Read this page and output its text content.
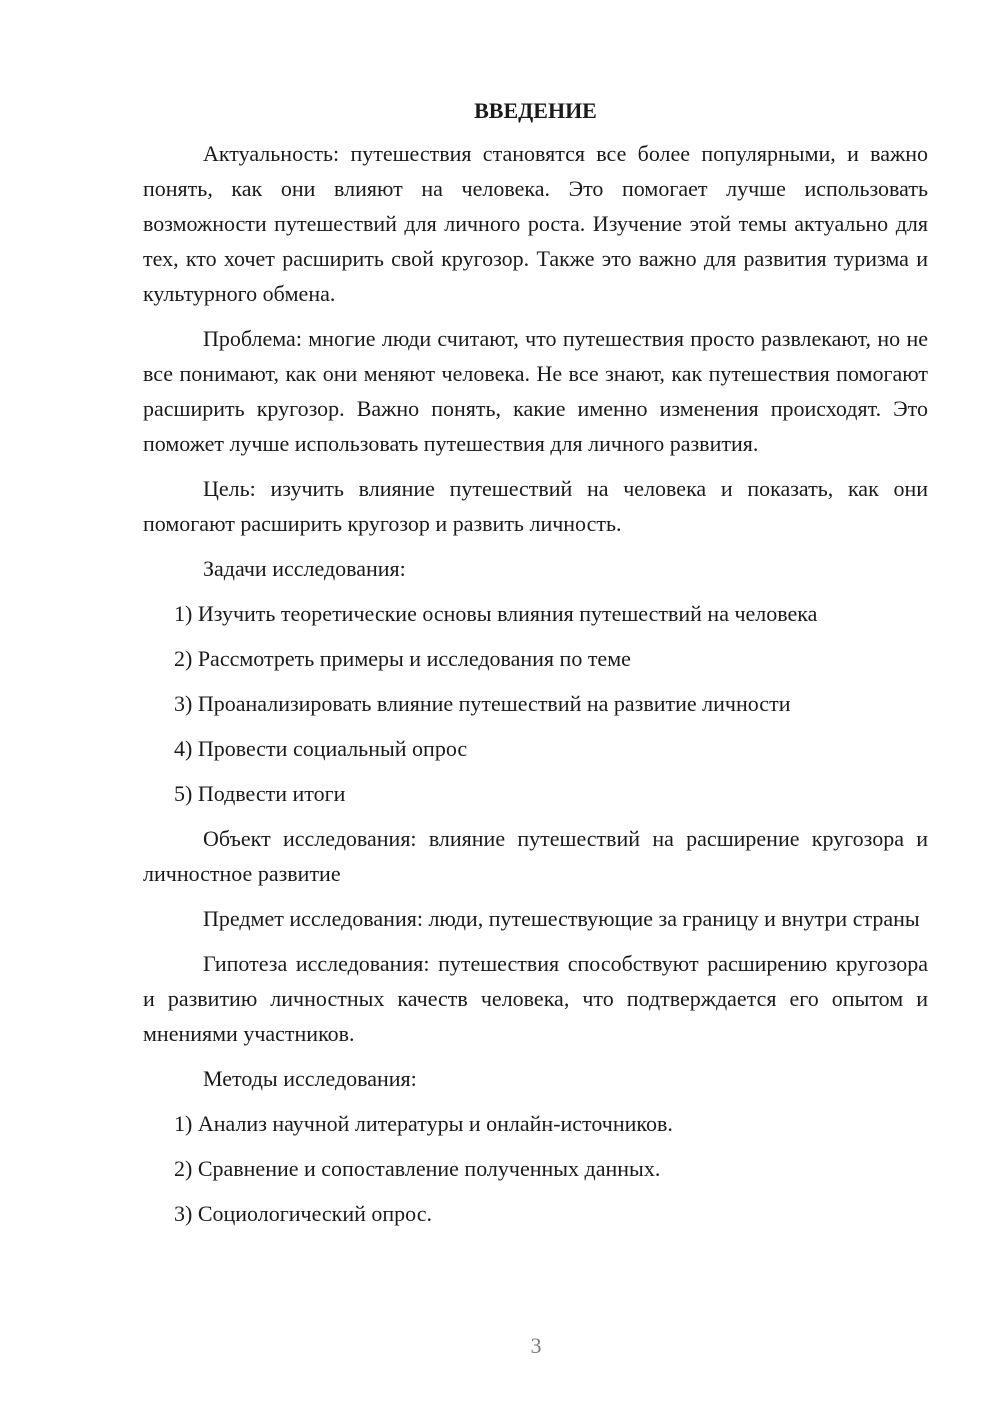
ВВЕДЕНИЕ

Актуальность: путешествия становятся все более популярными, и важно понять, как они влияют на человека. Это помогает лучше использовать возможности путешествий для личного роста. Изучение этой темы актуально для тех, кто хочет расширить свой кругозор. Также это важно для развития туризма и культурного обмена.

Проблема: многие люди считают, что путешествия просто развлекают, но не все понимают, как они меняют человека. Не все знают, как путешествия помогают расширить кругозор. Важно понять, какие именно изменения происходят. Это поможет лучше использовать путешествия для личного развития.

Цель: изучить влияние путешествий на человека и показать, как они помогают расширить кругозор и развить личность.

Задачи исследования:

1) Изучить теоретические основы влияния путешествий на человека

2) Рассмотреть примеры и исследования по теме

3) Проанализировать влияние путешествий на развитие личности

4) Провести социальный опрос

5) Подвести итоги

Объект исследования: влияние путешествий на расширение кругозора и личностное развитие

Предмет исследования: люди, путешествующие за границу и внутри страны

Гипотеза исследования: путешествия способствуют расширению кругозора и развитию личностных качеств человека, что подтверждается его опытом и мнениями участников.

Методы исследования:

1) Анализ научной литературы и онлайн-источников.

2) Сравнение и сопоставление полученных данных.

3) Социологический опрос.

3
